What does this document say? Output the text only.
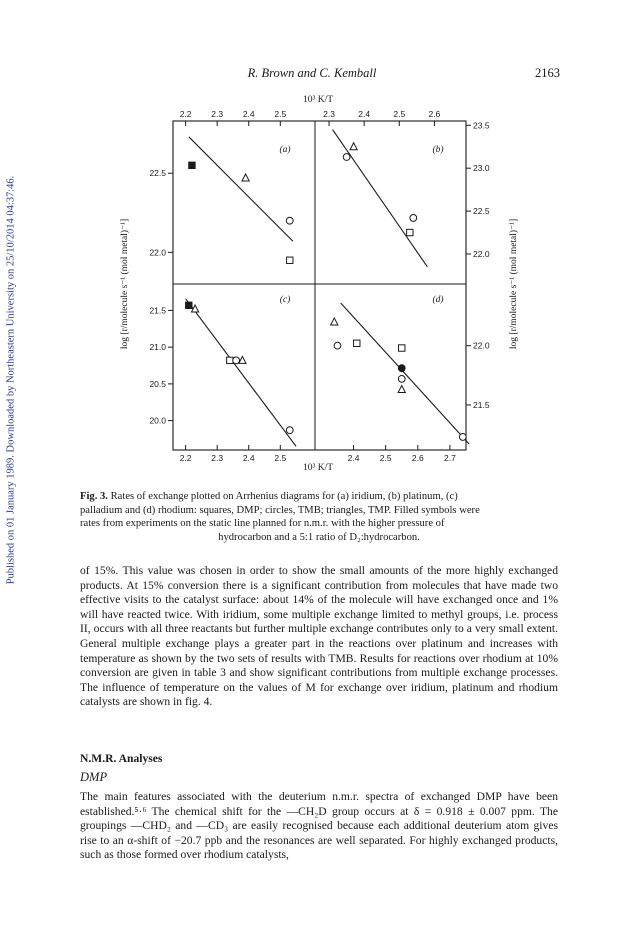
Published on 01 January 1989. Downloaded by Northeastern University on 25/10/2014 04:37:46.
R. Brown and C. Kemball	2163
(a)
2.2 2.3 2.4 2.5
22.5
22.0
(b)
2.3	2.4	2.5	2.6
23.5
23.0
22.5
22.0
(c)
2.2 2.3 2.4 2.5
21.5
21.0
20.5
20.0
(d)
2.4 2.5 2.6 2.7
22.0
21.5
10³ K/T
10³ K/T
log [r/molecule s⁻¹ (mol metal)⁻¹]	log [r/molecule s⁻¹ (mol metal)⁻¹]
Fig. 3. Rates of exchange plotted on Arrhenius diagrams for (a) iridium, (b) platinum, (c)
palladium and (d) rhodium: squares, DMP; circles, TMB; triangles, TMP. Filled symbols were
rates from experiments on the static line planned for n.m.r. with the higher pressure of
hydrocarbon and a 5:1 ratio of D₂:hydrocarbon.

of 15%. This value was chosen in order to show the small amounts of the more highly exchanged products. At 15% conversion there is a significant contribution from molecules that have made two effective visits to the catalyst surface: about 14% of the molecule will have exchanged once and 1% will have reacted twice. With iridium, some multiple exchange limited to methyl groups, i.e. process II, occurs with all three reactants but further multiple exchange contributes only to a very small extent. General multiple exchange plays a greater part in the reactions over platinum and increases with temperature as shown by the two sets of results with TMB. Results for reactions over rhodium at 10% conversion are given in table 3 and show significant contributions from multiple exchange processes. The influence of temperature on the values of M for exchange over iridium, platinum and rhodium catalysts are shown in fig. 4.

N.M.R. Analyses
DMP

The main features associated with the deuterium n.m.r. spectra of exchanged DMP have been established.⁵·⁶ The chemical shift for the —CH₂D group occurs at δ = 0.918 ± 0.007 ppm. The groupings —CHD₂ and —CD₃ are easily recognised because each additional deuterium atom gives rise to an α-shift of −20.7 ppb and the resonances are well separated. For highly exchanged products, such as those formed over rhodium catalysts,
